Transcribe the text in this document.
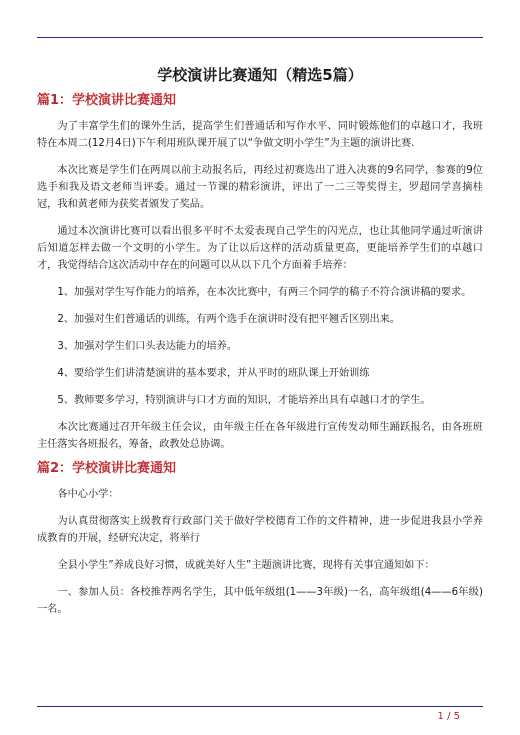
学校演讲比赛通知（精选5篇）
篇1：学校演讲比赛通知

为了丰富学生们的课外生活，提高学生们普通话和写作水平、同时锻炼他们的卓越口才，我班特在本周二(12月4日)下午利用班队课开展了以“争做文明小学生”为主题的演讲比赛.

本次比赛是学生们在两周以前主动报名后，再经过初赛选出了进入决赛的9名同学，参赛的9位选手和我及语文老师当评委。通过一节课的精彩演讲，评出了一二三等奖得主，罗超同学喜摘桂冠，我和黄老师为获奖者颁发了奖品。

通过本次演讲比赛可以看出很多平时不太爱表现自己学生的闪光点，也让其他同学通过听演讲后知道怎样去做一个文明的小学生。为了让以后这样的活动质量更高，更能培养学生们的卓越口才，我觉得结合这次活动中存在的问题可以从以下几个方面着手培养：

1、加强对学生写作能力的培养，在本次比赛中，有两三个同学的稿子不符合演讲稿的要求。

2、加强对生们普通话的训练，有两个选手在演讲时没有把平翘舌区别出来。

3、加强对学生们口头表达能力的培养。

4、要给学生们讲清楚演讲的基本要求，并从平时的班队课上开始训练

5、教师要多学习，特别演讲与口才方面的知识，才能培养出具有卓越口才的学生。

本次比赛通过召开年级主任会议，由年级主任在各年级进行宣传发动师生踊跃报名，由各班班主任落实各班报名，筹备，政教处总协调。

篇2：学校演讲比赛通知

各中心小学：

为认真贯彻落实上级教育行政部门关于做好学校德育工作的文件精神，进一步促进我县小学养成教育的开展，经研究决定，将举行

全县小学生”养成良好习惯，成就美好人生”主题演讲比赛，现将有关事宜通知如下：

一、参加人员：各校推荐两名学生，其中低年级组(1——3年级)一名，高年级组(4——6年级)一名。

1 / 5
